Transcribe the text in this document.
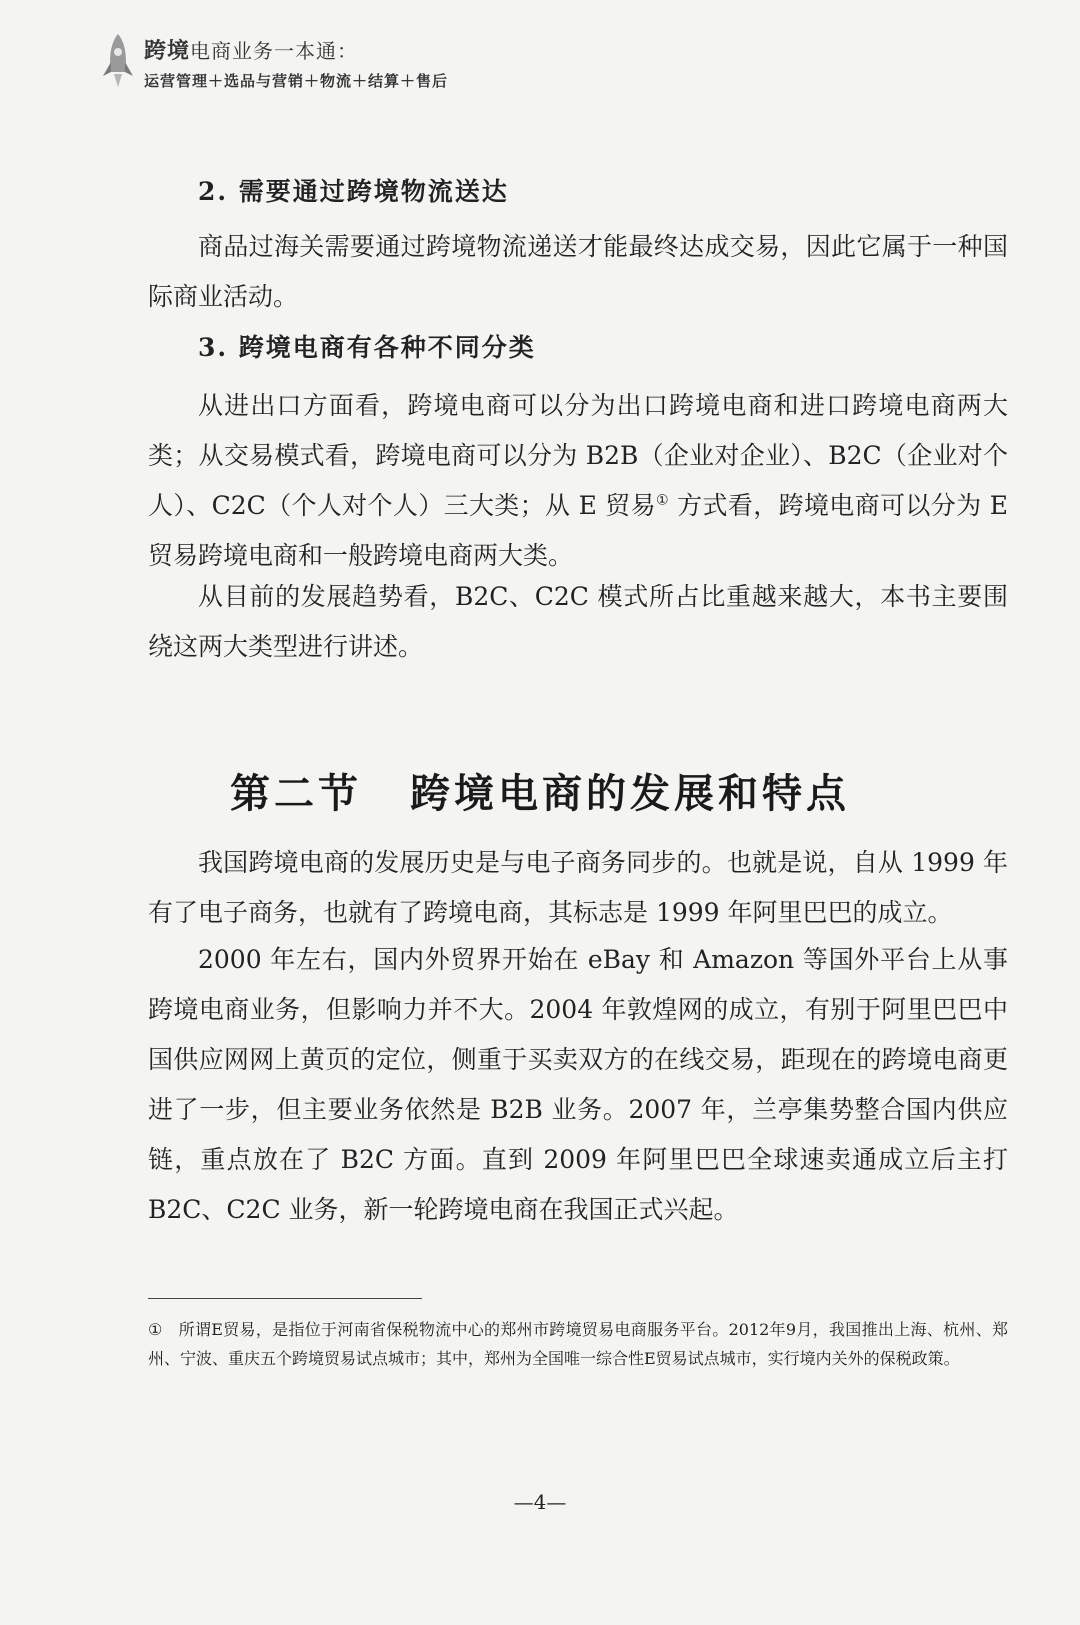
跨境电商业务一本通：
运营管理＋选品与营销＋物流＋结算＋售后

2. 需要通过跨境物流送达

商品过海关需要通过跨境物流递送才能最终达成交易，因此它属于一种国际商业活动。

3. 跨境电商有各种不同分类

从进出口方面看，跨境电商可以分为出口跨境电商和进口跨境电商两大类；从交易模式看，跨境电商可以分为 B2B（企业对企业）、B2C（企业对个人）、C2C（个人对个人）三大类；从 E 贸易① 方式看，跨境电商可以分为 E 贸易跨境电商和一般跨境电商两大类。

从目前的发展趋势看，B2C、C2C 模式所占比重越来越大，本书主要围绕这两大类型进行讲述。

第二节 跨境电商的发展和特点

我国跨境电商的发展历史是与电子商务同步的。也就是说，自从 1999 年有了电子商务，也就有了跨境电商，其标志是 1999 年阿里巴巴的成立。

2000 年左右，国内外贸界开始在 eBay 和 Amazon 等国外平台上从事跨境电商业务，但影响力并不大。2004 年敦煌网的成立，有别于阿里巴巴中国供应网网上黄页的定位，侧重于买卖双方的在线交易，距现在的跨境电商更进了一步，但主要业务依然是 B2B 业务。2007 年，兰亭集势整合国内供应链，重点放在了 B2C 方面。直到 2009 年阿里巴巴全球速卖通成立后主打 B2C、C2C 业务，新一轮跨境电商在我国正式兴起。

① 所谓E贸易，是指位于河南省保税物流中心的郑州市跨境贸易电商服务平台。2012年9月，我国推出上海、杭州、郑州、宁波、重庆五个跨境贸易试点城市；其中，郑州为全国唯一综合性E贸易试点城市，实行境内关外的保税政策。

—4—
